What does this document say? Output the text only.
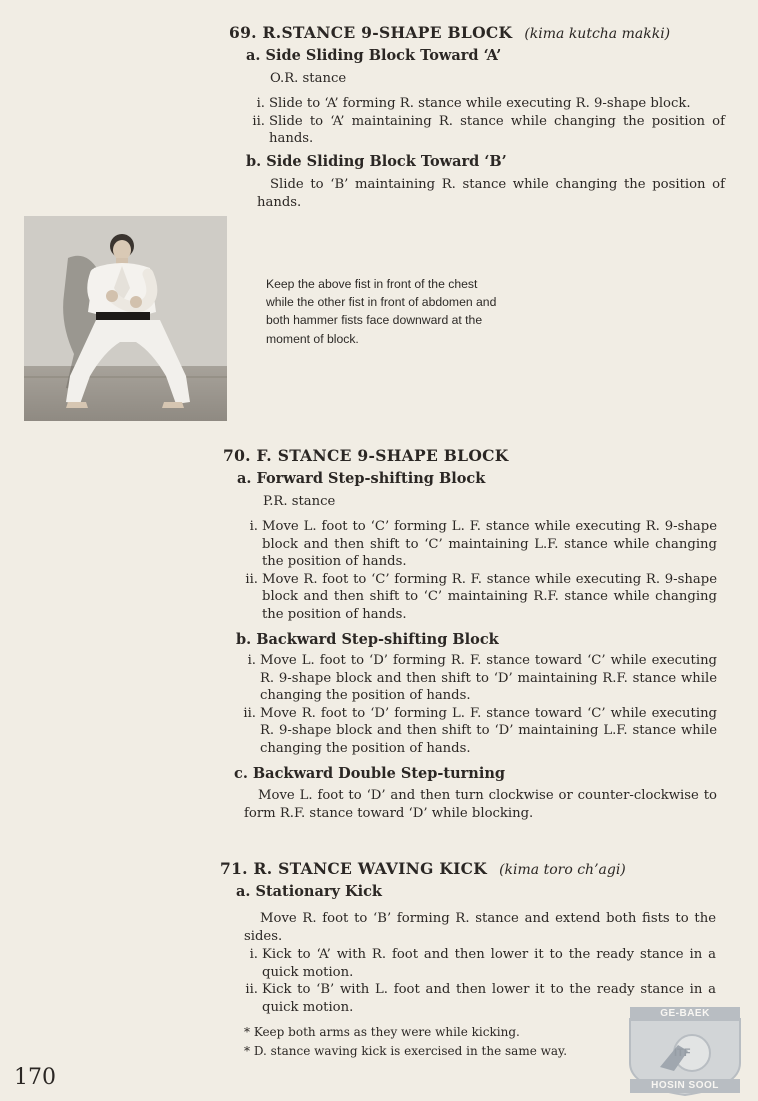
69. R.STANCE 9-SHAPE BLOCK (kima kutcha makki)
a. Side Sliding Block Toward ‘A’
O.R. stance
i. Slide to ‘A’ forming R. stance while executing R. 9-shape block.
ii. Slide to ‘A’ maintaining R. stance while changing the position of hands.
b. Side Sliding Block Toward ‘B’
Slide to ‘B’ maintaining R. stance while changing the position of hands.
Keep the above fist in front of the chest while the other fist in front of abdomen and both hammer fists face downward at the moment of block.
70. F. STANCE 9-SHAPE BLOCK
a. Forward Step-shifting Block
P.R. stance
i. Move L. foot to ‘C’ forming L. F. stance while executing R. 9-shape block and then shift to ‘C’ maintaining L.F. stance while changing the position of hands.
ii. Move R. foot to ‘C’ forming R. F. stance while executing R. 9-shape block and then shift to ‘C’ maintaining R.F. stance while changing the position of hands.
b. Backward Step-shifting Block
i. Move L. foot to ‘D’ forming R. F. stance toward ‘C’ while executing R. 9-shape block and then shift to ‘D’ maintaining R.F. stance while changing the position of hands.
ii. Move R. foot to ‘D’ forming L. F. stance toward ‘C’ while executing R. 9-shape block and then shift to ‘D’ maintaining L.F. stance while changing the position of hands.
c. Backward Double Step-turning
Move L. foot to ‘D’ and then turn clockwise or counter-clockwise to form R.F. stance toward ‘D’ while blocking.
71. R. STANCE WAVING KICK (kima toro ch’agi)
a. Stationary Kick
Move R. foot to ‘B’ forming R. stance and extend both fists to the sides.
i. Kick to ‘A’ with R. foot and then lower it to the ready stance in a quick motion.
ii. Kick to ‘B’ with L. foot and then lower it to the ready stance in a quick motion.
* Keep both arms as they were while kicking.
* D. stance waving kick is exercised in the same way.
170
GE-BAEK
ITF
HOSIN SOOL
